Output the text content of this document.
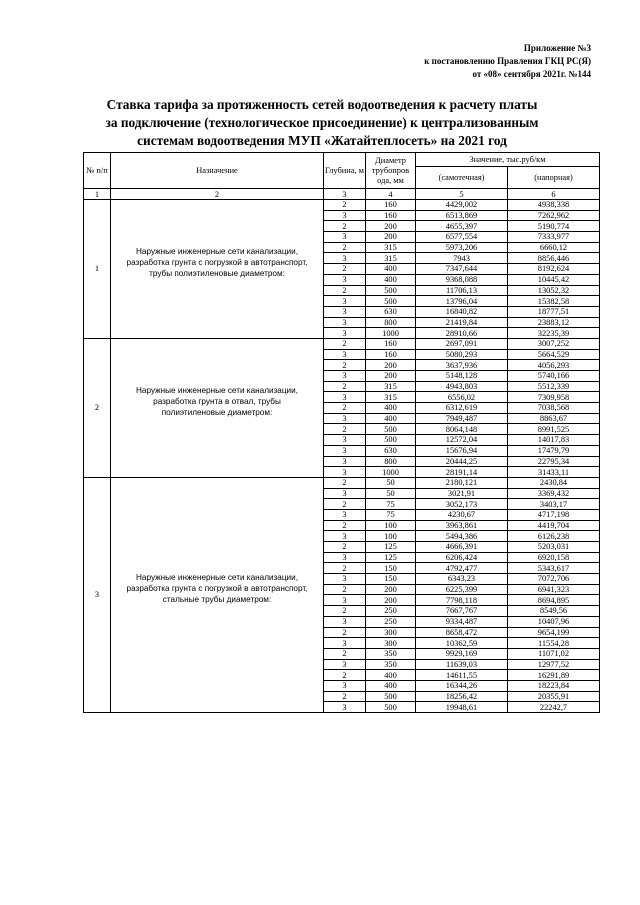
Приложение №3
к постановлению Правления ГКЦ РС(Я)
от «08» сентября 2021г. №144
Ставка тарифа за протяженность сетей водоотведения к расчету платы
за подключение (технологическое присоединение) к централизованным
системам водоотведения МУП «Жатайтеплосеть» на 2021 год
№ п/п	Назначение	Глубина, м	Диаметр трубопров ода, мм	Значение, тыс.руб/км	
				(самотечная)	(напорная)
1	2	3	4	5	6
1	Наружные инженерные сети канализации, разработка грунта с погрузкой в автотранспорт, трубы полиэтиленовые диаметром:	2	160	4429,002	4938,338
		3	160	6513,869	7262,962
		2	200	4655,397	5190,774
		3	200	6577,554	7333,977
		2	315	5973,206	6660,12
		3	315	7943	8856,446
		2	400	7347,644	8192,624
		3	400	9368,088	10445,42
		2	500	11706,13	13052,32
		3	500	13796,04	15382,58
		3	630	16840,82	18777,51
		3	800	21419,84	23883,12
		3	1000	28910,66	32235,39
2	Наружные инженерные сети канализации, разработка грунта в отвал, трубы полиэтиленовые диаметром:	2	160	2697,091	3007,252
		3	160	5080,293	5664,529
		2	200	3637,936	4056,293
		3	200	5148,128	5740,166
		2	315	4943,803	5512,339
		3	315	6556,02	7309,958
		2	400	6312,619	7038,568
		3	400	7949,487	8863,67
		2	500	8064,148	8991,525
		3	500	12572,04	14017,83
		3	630	15676,94	17479,79
		3	800	20444,25	22795,34
		3	1000	28191,14	31433,11
3	Наружные инженерные сети канализации, разработка грунта с погрузкой в автотранспорт, стальные трубы диаметром:	2	50	2180,121	2430,84
		3	50	3021,91	3369,432
		2	75	3052,173	3403,17
		3	75	4230,67	4717,198
		2	100	3963,861	4419,704
		3	100	5494,386	6126,238
		2	125	4666,391	5203,031
		3	125	6206,424	6920,158
		2	150	4792,477	5343,617
		3	150	6343,23	7072,706
		2	200	6225,399	6941,323
		3	200	7798,118	8694,895
		2	250	7667,767	8549,56
		3	250	9334,487	10407,96
		2	300	8658,472	9654,199
		3	300	10362,59	11554,28
		2	350	9929,169	11071,02
		3	350	11639,03	12977,52
		2	400	14611,55	16291,89
		3	400	16344,26	18223,84
		2	500	18256,42	20355,91
		3	500	19948,61	22242,7
